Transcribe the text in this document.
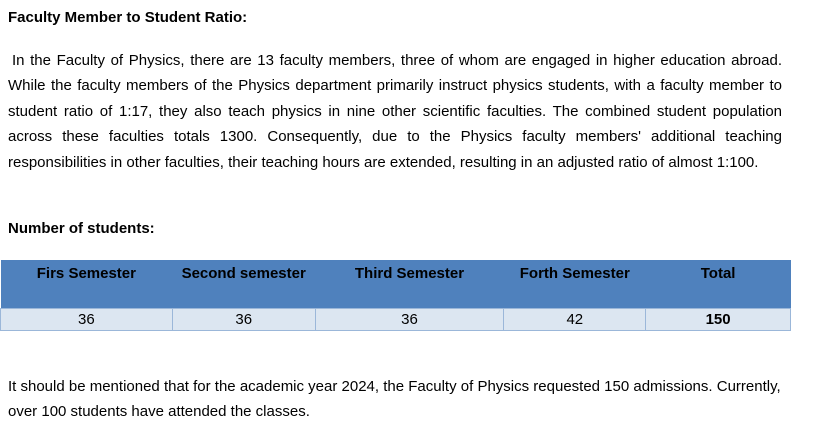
Faculty Member to Student Ratio:

In the Faculty of Physics, there are 13 faculty members, three of whom are engaged in higher education abroad. While the faculty members of the Physics department primarily instruct physics students, with a faculty member to student ratio of 1:17, they also teach physics in nine other scientific faculties. The combined student population across these faculties totals 1300. Consequently, due to the Physics faculty members' additional teaching responsibilities in other faculties, their teaching hours are extended, resulting in an adjusted ratio of almost 1:100.

Number of students:
Firs Semester	Second semester	Third Semester	Forth Semester	Total
36	36	36	42	150

It should be mentioned that for the academic year 2024, the Faculty of Physics requested 150 admissions. Currently, over 100 students have attended the classes.
